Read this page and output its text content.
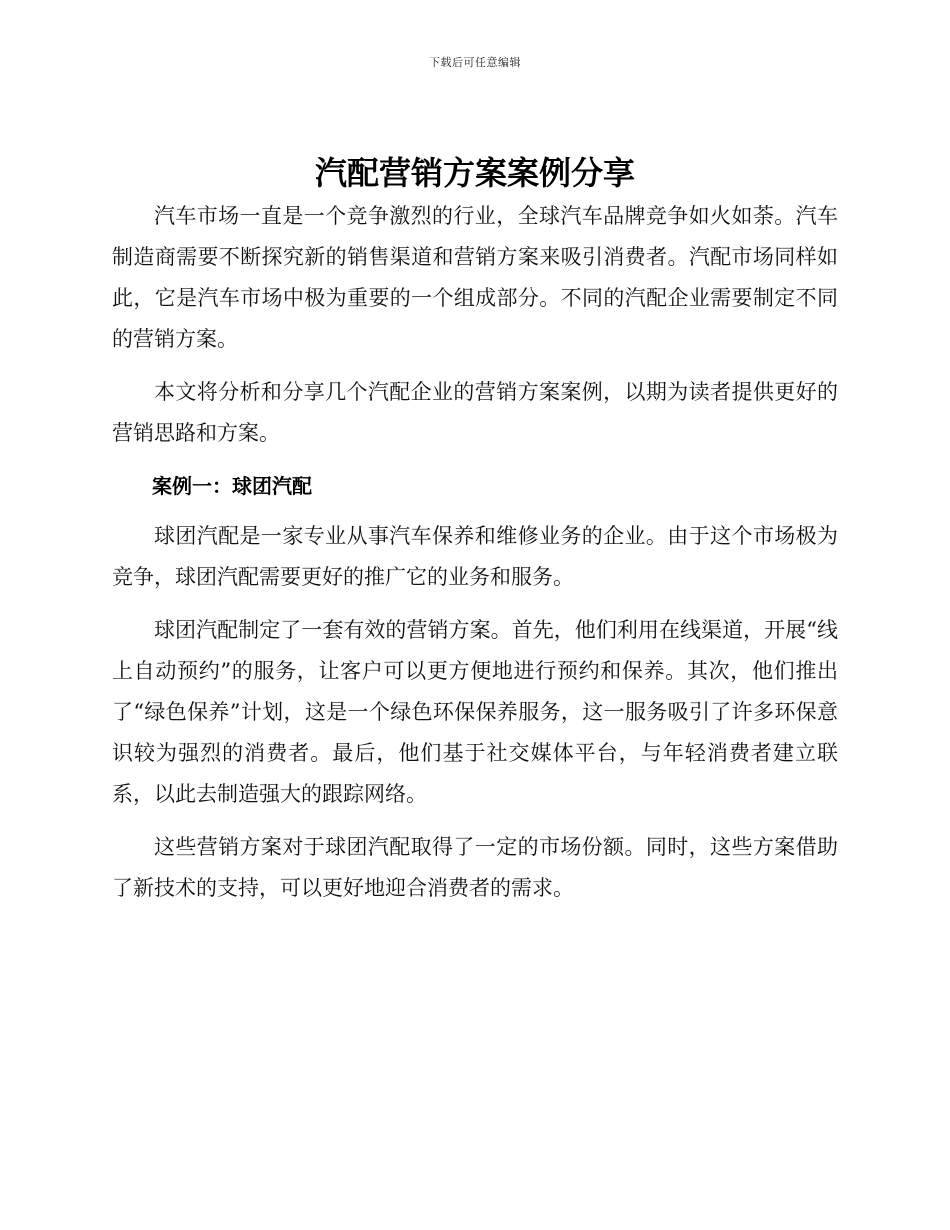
下载后可任意编辑
汽配营销方案案例分享

汽车市场一直是一个竞争激烈的行业，全球汽车品牌竞争如火如荼。汽车制造商需要不断探究新的销售渠道和营销方案来吸引消费者。汽配市场同样如此，它是汽车市场中极为重要的一个组成部分。不同的汽配企业需要制定不同的营销方案。

本文将分析和分享几个汽配企业的营销方案案例，以期为读者提供更好的营销思路和方案。

案例一：球团汽配

球团汽配是一家专业从事汽车保养和维修业务的企业。由于这个市场极为竞争，球团汽配需要更好的推广它的业务和服务。

球团汽配制定了一套有效的营销方案。首先，他们利用在线渠道，开展“线上自动预约”的服务，让客户可以更方便地进行预约和保养。其次，他们推出了“绿色保养”计划，这是一个绿色环保保养服务，这一服务吸引了许多环保意识较为强烈的消费者。最后，他们基于社交媒体平台，与年轻消费者建立联系，以此去制造强大的跟踪网络。

这些营销方案对于球团汽配取得了一定的市场份额。同时，这些方案借助了新技术的支持，可以更好地迎合消费者的需求。
